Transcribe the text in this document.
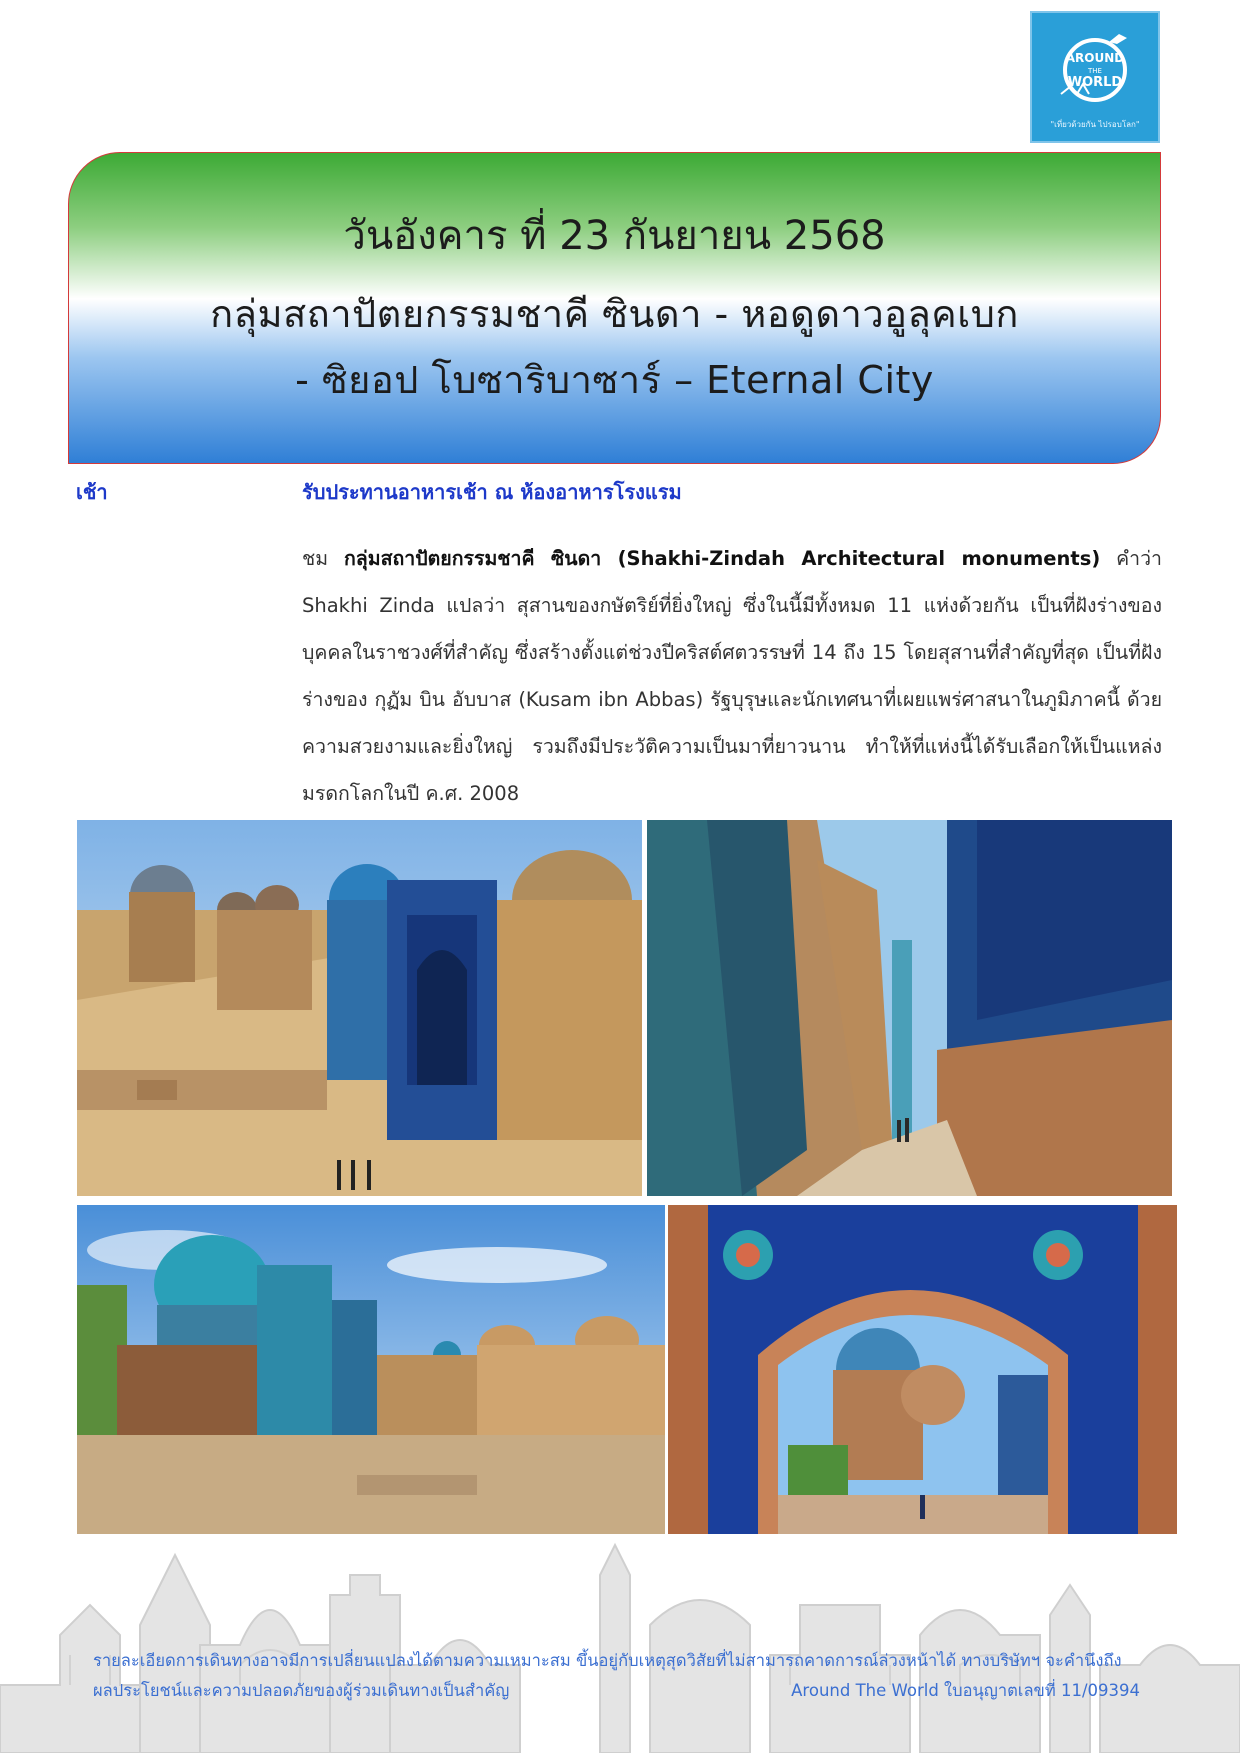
AROUND
THE
WORLD
"เที่ยวด้วยกัน ไปรอบโลก"
วันอังคาร ที่ 23 กันยายน 2568
กลุ่มสถาปัตยกรรมชาคี ซินดา - หอดูดาวอูลุคเบก
- ซิยอป โบซาริบาซาร์ – Eternal City
เช้า	รับประทานอาหารเช้า ณ ห้องอาหารโรงแรม
ชม กลุ่มสถาปัตยกรรมชาคี ซินดา (Shakhi-Zindah Architectural monuments) คำว่า Shakhi Zinda แปลว่า สุสานของกษัตริย์ที่ยิ่งใหญ่ ซึ่งในนี้มีทั้งหมด 11 แห่งด้วยกัน เป็นที่ฝังร่างของบุคคลในราชวงศ์ที่สำคัญ ซึ่งสร้างตั้งแต่ช่วงปีคริสต์ศตวรรษที่ 14 ถึง 15 โดยสุสานที่สำคัญที่สุด เป็นที่ฝังร่างของ กุฏัม บิน อับบาส (Kusam ibn Abbas) รัฐบุรุษและนักเทศนาที่เผยแพร่ศาสนาในภูมิภาคนี้ ด้วยความสวยงามและยิ่งใหญ่ รวมถึงมีประวัติความเป็นมาที่ยาวนาน ทำให้ที่แห่งนี้ได้รับเลือกให้เป็นแหล่งมรดกโลกในปี ค.ศ. 2008
รายละเอียดการเดินทางอาจมีการเปลี่ยนแปลงได้ตามความเหมาะสม ขึ้นอยู่กับเหตุสุดวิสัยที่ไม่สามารถคาดการณ์ล่วงหน้าได้ ทางบริษัทฯ จะคำนึงถึง
ผลประโยชน์และความปลอดภัยของผู้ร่วมเดินทางเป็นสำคัญ	Around The World ใบอนุญาตเลขที่ 11/09394
